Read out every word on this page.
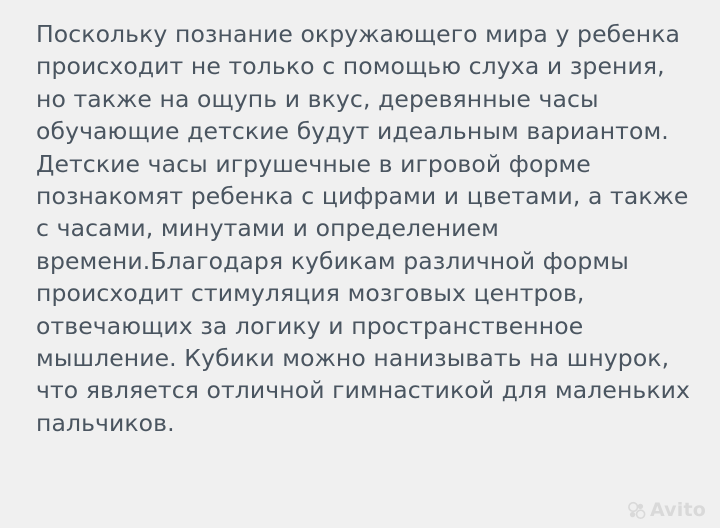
Поскольку познание окружающего мира у ребенка происходит не только с помощью слуха и зрения, но также на ощупь и вкус, деревянные часы обучающие детские будут идеальным вариантом. Детские часы игрушечные в игровой форме познакомят ребенка с цифрами и цветами, а также с часами, минутами и определением времени.Благодаря кубикам различной формы происходит стимуляция мозговых центров, отвечающих за логику и пространственное мышление. Кубики можно нанизывать на шнурок, что является отличной гимнастикой для маленьких пальчиков.
Avito
